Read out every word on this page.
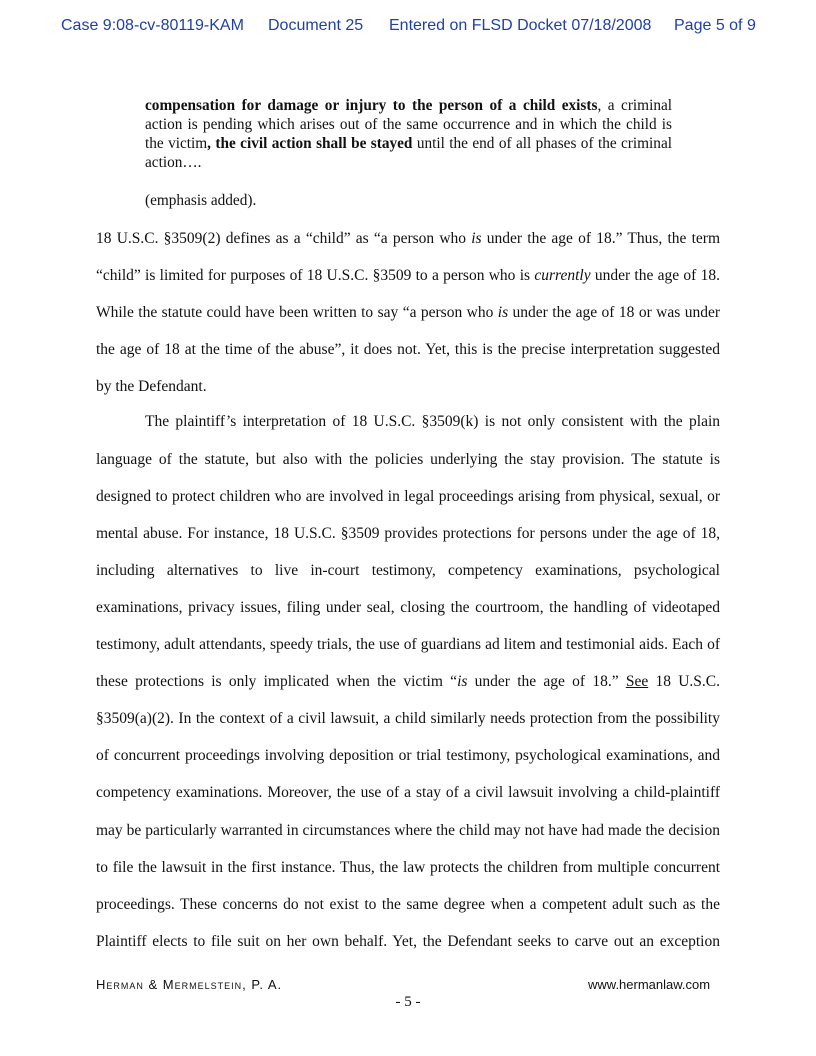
Case 9:08-cv-80119-KAM Document 25 Entered on FLSD Docket 07/18/2008 Page 5 of 9
compensation for damage or injury to the person of a child exists, a criminal
action is pending which arises out of the same occurrence and in which the child is
the victim, the civil action shall be stayed until the end of all phases of the criminal
action….
(emphasis added).
18 U.S.C. §3509(2) defines as a “child” as “a person who is under the age of 18.” Thus, the term
“child” is limited for purposes of 18 U.S.C. §3509 to a person who is currently under the age of 18.
While the statute could have been written to say “a person who is under the age of 18 or was under
the age of 18 at the time of the abuse”, it does not. Yet, this is the precise interpretation suggested
by the Defendant.
The plaintiff’s interpretation of 18 U.S.C. §3509(k) is not only consistent with the plain
language of the statute, but also with the policies underlying the stay provision. The statute is
designed to protect children who are involved in legal proceedings arising from physical, sexual, or
mental abuse. For instance, 18 U.S.C. §3509 provides protections for persons under the age of 18,
including alternatives to live in-court testimony, competency examinations, psychological
examinations, privacy issues, filing under seal, closing the courtroom, the handling of videotaped
testimony, adult attendants, speedy trials, the use of guardians ad litem and testimonial aids. Each of
these protections is only implicated when the victim “is under the age of 18.” See 18 U.S.C.
§3509(a)(2). In the context of a civil lawsuit, a child similarly needs protection from the possibility
of concurrent proceedings involving deposition or trial testimony, psychological examinations, and
competency examinations. Moreover, the use of a stay of a civil lawsuit involving a child-plaintiff
may be particularly warranted in circumstances where the child may not have had made the decision
to file the lawsuit in the first instance. Thus, the law protects the children from multiple concurrent
proceedings. These concerns do not exist to the same degree when a competent adult such as the
Plaintiff elects to file suit on her own behalf. Yet, the Defendant seeks to carve out an exception
Herman & Mermelstein, P. A.	www.hermanlaw.com
- 5 -
